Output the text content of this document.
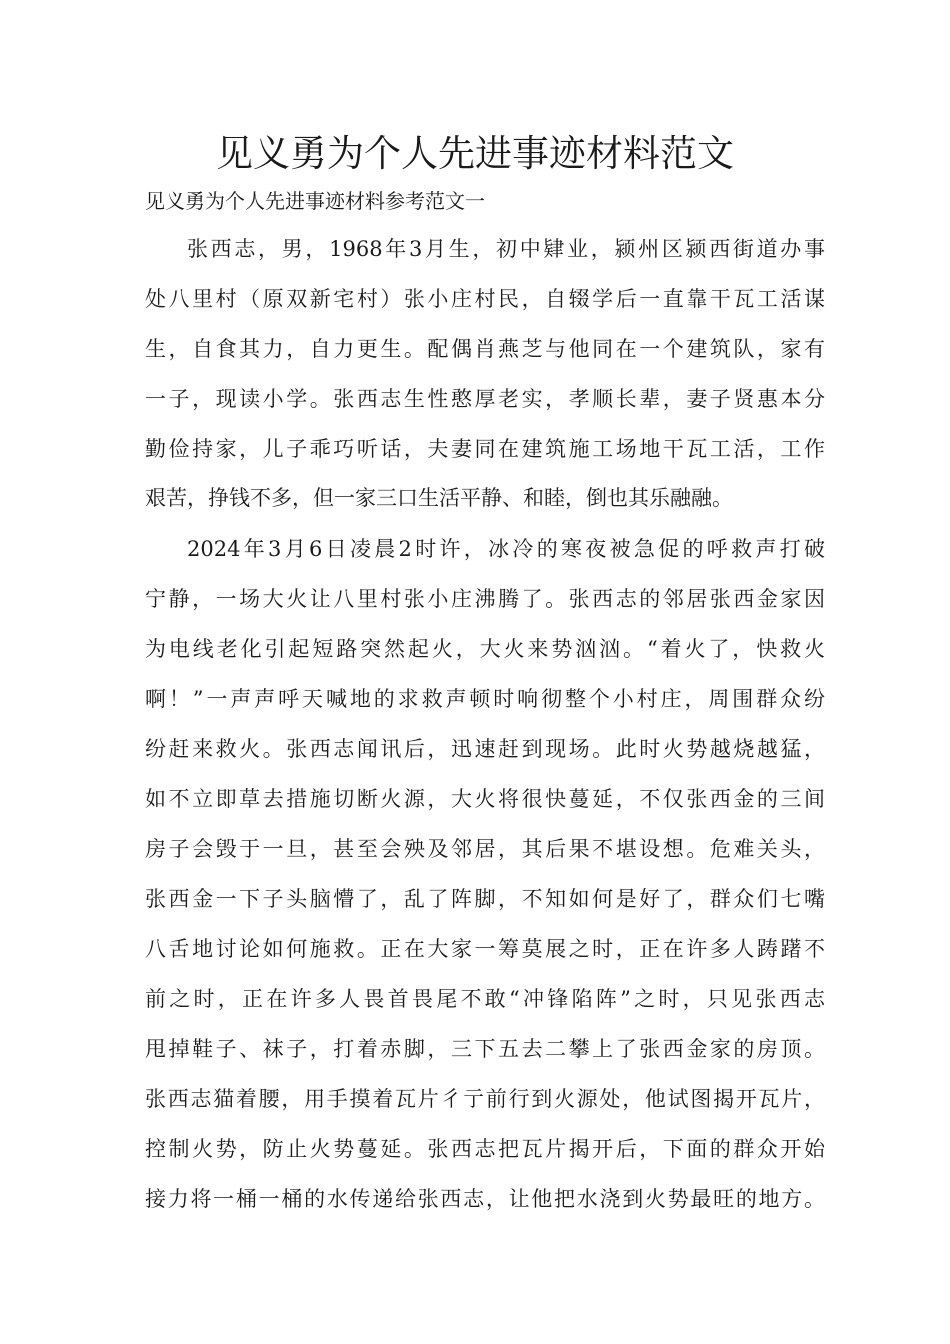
见义勇为个人先进事迹材料范文

见义勇为个人先进事迹材料参考范文一

张西志，男，1968年3月生，初中肄业，颍州区颍西街道办事

处八里村（原双新宅村）张小庄村民，自辍学后一直靠干瓦工活谋

生，自食其力，自力更生。配偶肖燕芝与他同在一个建筑队，家有

一子，现读小学。张西志生性憨厚老实，孝顺长辈，妻子贤惠本分

勤俭持家，儿子乖巧听话，夫妻同在建筑施工场地干瓦工活，工作

艰苦，挣钱不多，但一家三口生活平静、和睦，倒也其乐融融。

2024年3月6日凌晨2时许，冰冷的寒夜被急促的呼救声打破

宁静，一场大火让八里村张小庄沸腾了。张西志的邻居张西金家因

为电线老化引起短路突然起火，大火来势汹汹。“着火了，快救火

啊！”一声声呼天喊地的求救声顿时响彻整个小村庄，周围群众纷

纷赶来救火。张西志闻讯后，迅速赶到现场。此时火势越烧越猛，

如不立即草去措施切断火源，大火将很快蔓延，不仅张西金的三间

房子会毁于一旦，甚至会殃及邻居，其后果不堪设想。危难关头，

张西金一下子头脑懵了，乱了阵脚，不知如何是好了，群众们七嘴

八舌地讨论如何施救。正在大家一筹莫展之时，正在许多人踌躇不

前之时，正在许多人畏首畏尾不敢“冲锋陷阵”之时，只见张西志

甩掉鞋子、袜子，打着赤脚，三下五去二攀上了张西金家的房顶。

张西志猫着腰，用手摸着瓦片彳亍前行到火源处，他试图揭开瓦片，

控制火势，防止火势蔓延。张西志把瓦片揭开后，下面的群众开始

接力将一桶一桶的水传递给张西志，让他把水浇到火势最旺的地方。
